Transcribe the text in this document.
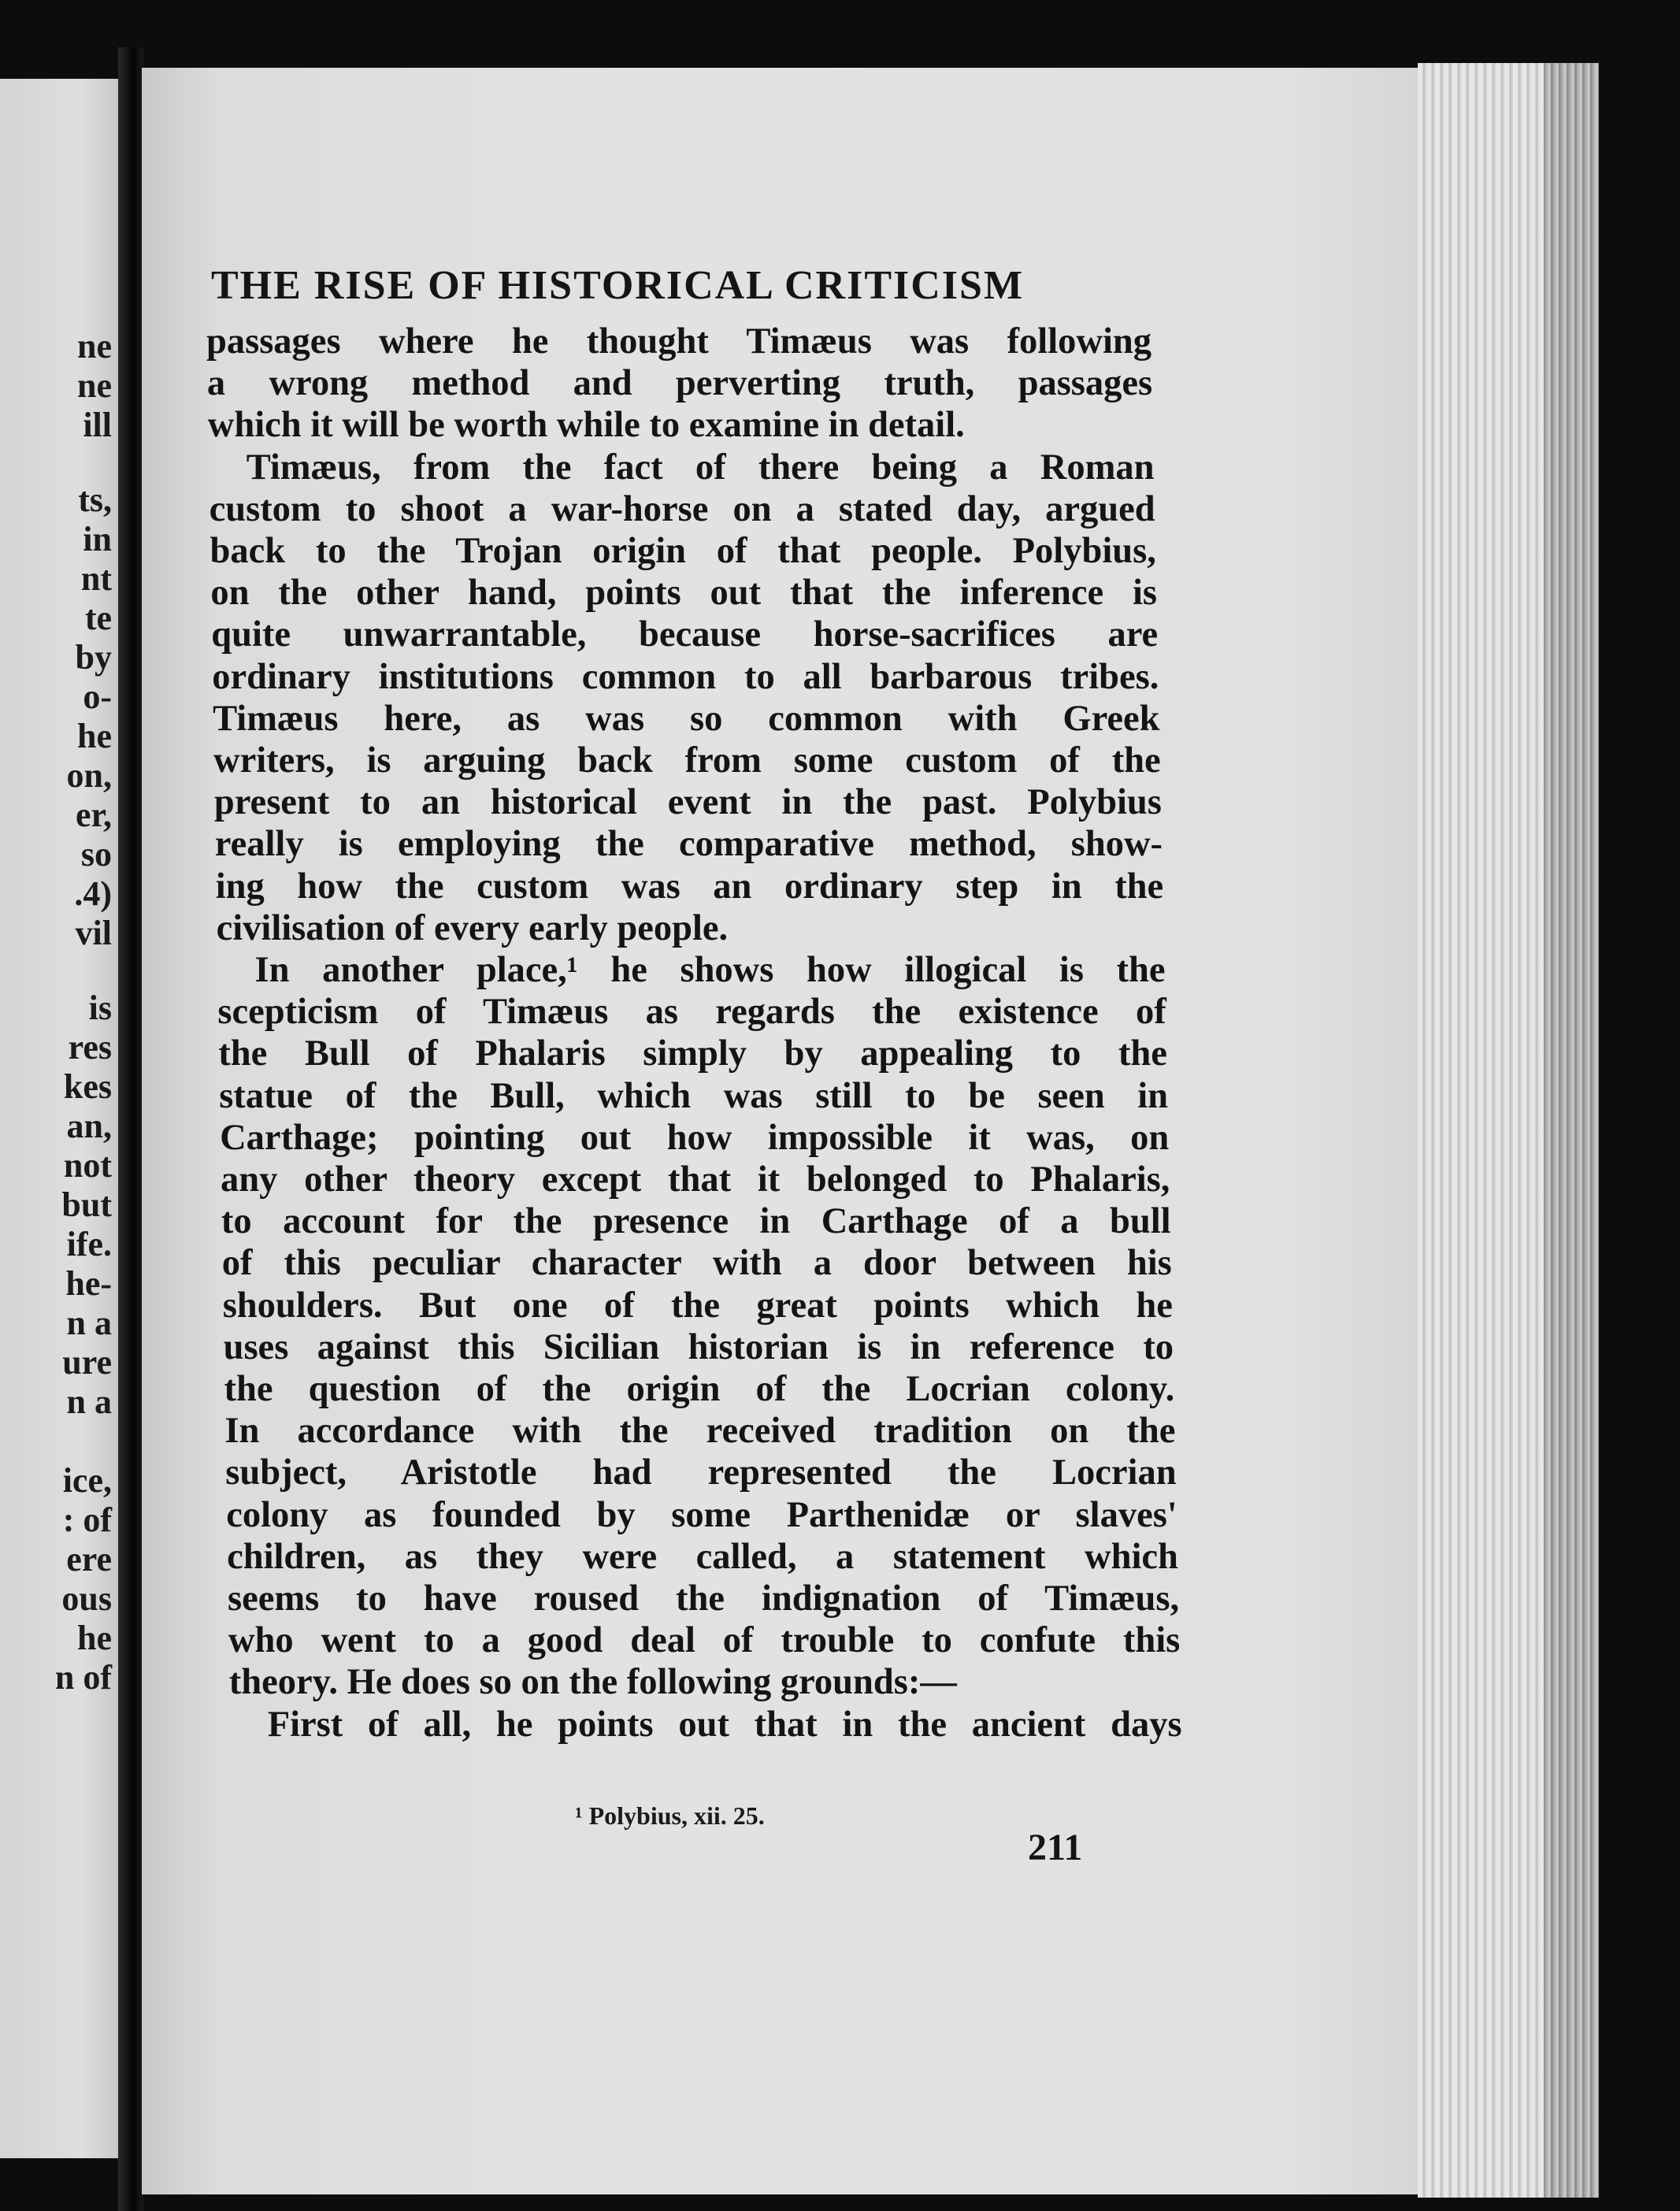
ne

ne

ill

ts,

in

nt

te

by

o-

he

on,

er,

so

.4)

vil

is

res

kes

an,

not

but

ife.

he-

n a

ure

n a

ice,

: of

ere

ous

he

n of

THE RISE OF HISTORICAL CRITICISM

passages where he thought Timæus was following

a wrong method and perverting truth, passages

which it will be worth while to examine in detail.

Timæus, from the fact of there being a Roman

custom to shoot a war-horse on a stated day, argued

back to the Trojan origin of that people. Polybius,

on the other hand, points out that the inference is

quite unwarrantable, because horse-sacrifices are

ordinary institutions common to all barbarous tribes.

Timæus here, as was so common with Greek

writers, is arguing back from some custom of the

present to an historical event in the past. Polybius

really is employing the comparative method, show-

ing how the custom was an ordinary step in the

civilisation of every early people.

In another place,¹ he shows how illogical is the

scepticism of Timæus as regards the existence of

the Bull of Phalaris simply by appealing to the

statue of the Bull, which was still to be seen in

Carthage; pointing out how impossible it was, on

any other theory except that it belonged to Phalaris,

to account for the presence in Carthage of a bull

of this peculiar character with a door between his

shoulders. But one of the great points which he

uses against this Sicilian historian is in reference to

the question of the origin of the Locrian colony.

In accordance with the received tradition on the

subject, Aristotle had represented the Locrian

colony as founded by some Parthenidæ or slaves'

children, as they were called, a statement which

seems to have roused the indignation of Timæus,

who went to a good deal of trouble to confute this

theory. He does so on the following grounds:—

First of all, he points out that in the ancient days

¹ Polybius, xii. 25.

211
